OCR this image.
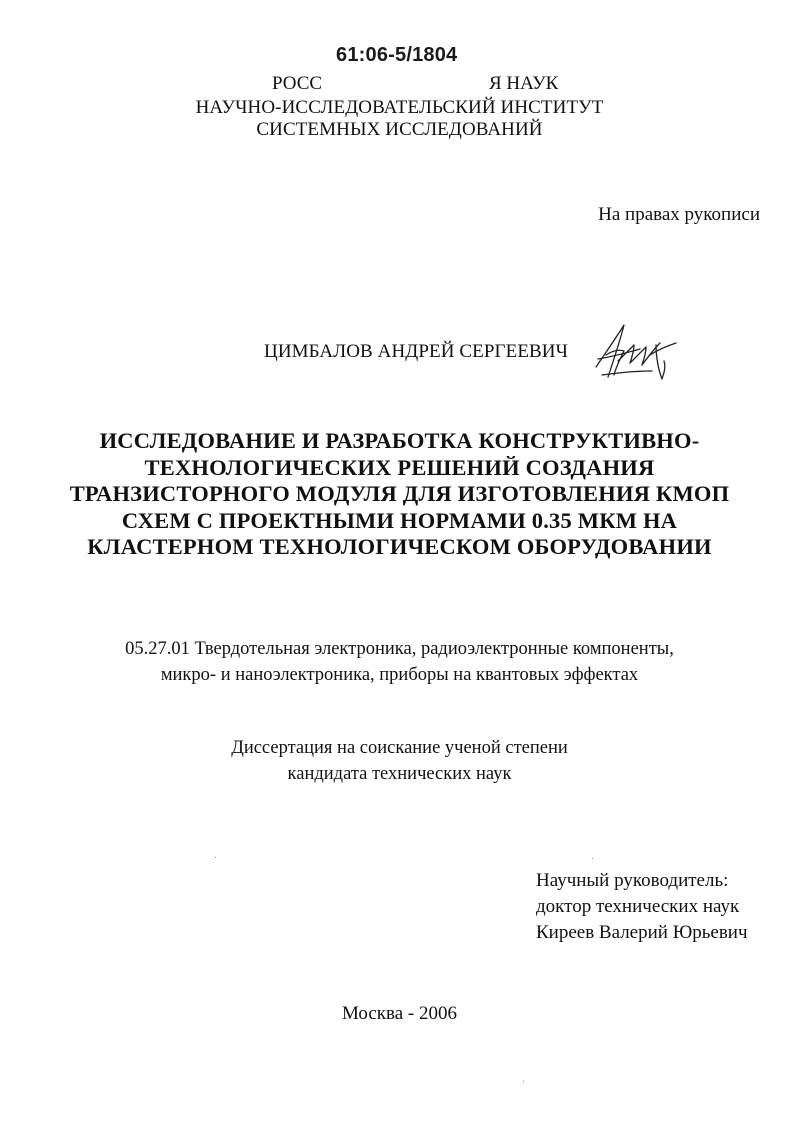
61:06-5/1804
РОСС	Я НАУК
НАУЧНО-ИССЛЕДОВАТЕЛЬСКИЙ ИНСТИТУТ
СИСТЕМНЫХ ИССЛЕДОВАНИЙ
На правах рукописи
ЦИМБАЛОВ АНДРЕЙ СЕРГЕЕВИЧ
ИССЛЕДОВАНИЕ И РАЗРАБОТКА КОНСТРУКТИВНО-
ТЕХНОЛОГИЧЕСКИХ РЕШЕНИЙ СОЗДАНИЯ
ТРАНЗИСТОРНОГО МОДУЛЯ ДЛЯ ИЗГОТОВЛЕНИЯ КМОП
СХЕМ С ПРОЕКТНЫМИ НОРМАМИ 0.35 МКМ НА
КЛАСТЕРНОМ ТЕХНОЛОГИЧЕСКОМ ОБОРУДОВАНИИ
05.27.01 Твердотельная электроника, радиоэлектронные компоненты,
микро- и наноэлектроника, приборы на квантовых эффектах
Диссертация на соискание ученой степени
кандидата технических наук
Научный руководитель:
доктор технических наук
Киреев Валерий Юрьевич
Москва - 2006
